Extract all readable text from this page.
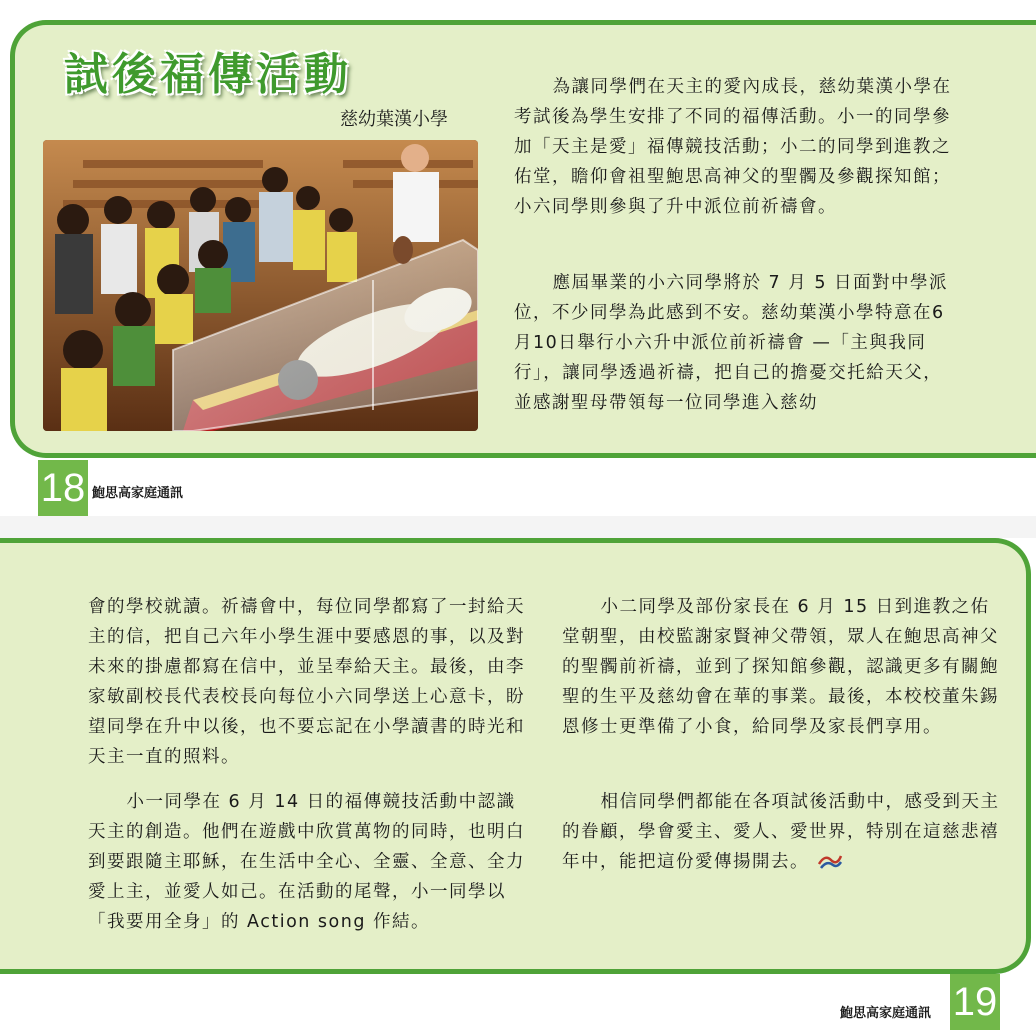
試後福傳活動
慈幼葉漢小學

為讓同學們在天主的愛內成長，慈幼葉漢小學在考試後為學生安排了不同的福傳活動。小一的同學參加「天主是愛」福傳競技活動；小二的同學到進教之佑堂，瞻仰會祖聖鮑思高神父的聖髑及參觀探知館；小六同學則參與了升中派位前祈禱會。

應屆畢業的小六同學將於 7 月 5 日面對中學派位，不少同學為此感到不安。慈幼葉漢小學特意在6月10日舉行小六升中派位前祈禱會 —「主與我同行」，讓同學透過祈禱，把自己的擔憂交托給天父，並感謝聖母帶領每一位同學進入慈幼

18 鮑思高家庭通訊

會的學校就讀。祈禱會中，每位同學都寫了一封給天主的信，把自己六年小學生涯中要感恩的事，以及對未來的掛慮都寫在信中，並呈奉給天主。最後，由李家敏副校長代表校長向每位小六同學送上心意卡，盼望同學在升中以後，也不要忘記在小學讀書的時光和天主一直的照料。

小一同學在 6 月 14 日的福傳競技活動中認識天主的創造。他們在遊戲中欣賞萬物的同時，也明白到要跟隨主耶穌，在生活中全心、全靈、全意、全力愛上主，並愛人如己。在活動的尾聲，小一同學以「我要用全身」的 Action song 作結。

小二同學及部份家長在 6 月 15 日到進教之佑堂朝聖，由校監謝家賢神父帶領，眾人在鮑思高神父的聖髑前祈禱，並到了探知館參觀，認識更多有關鮑聖的生平及慈幼會在華的事業。最後，本校校董朱錫恩修士更準備了小食，給同學及家長們享用。

相信同學們都能在各項試後活動中，感受到天主的眷顧，學會愛主、愛人、愛世界，特別在這慈悲禧年中，能把這份愛傳揚開去。
19
鮑思高家庭通訊
